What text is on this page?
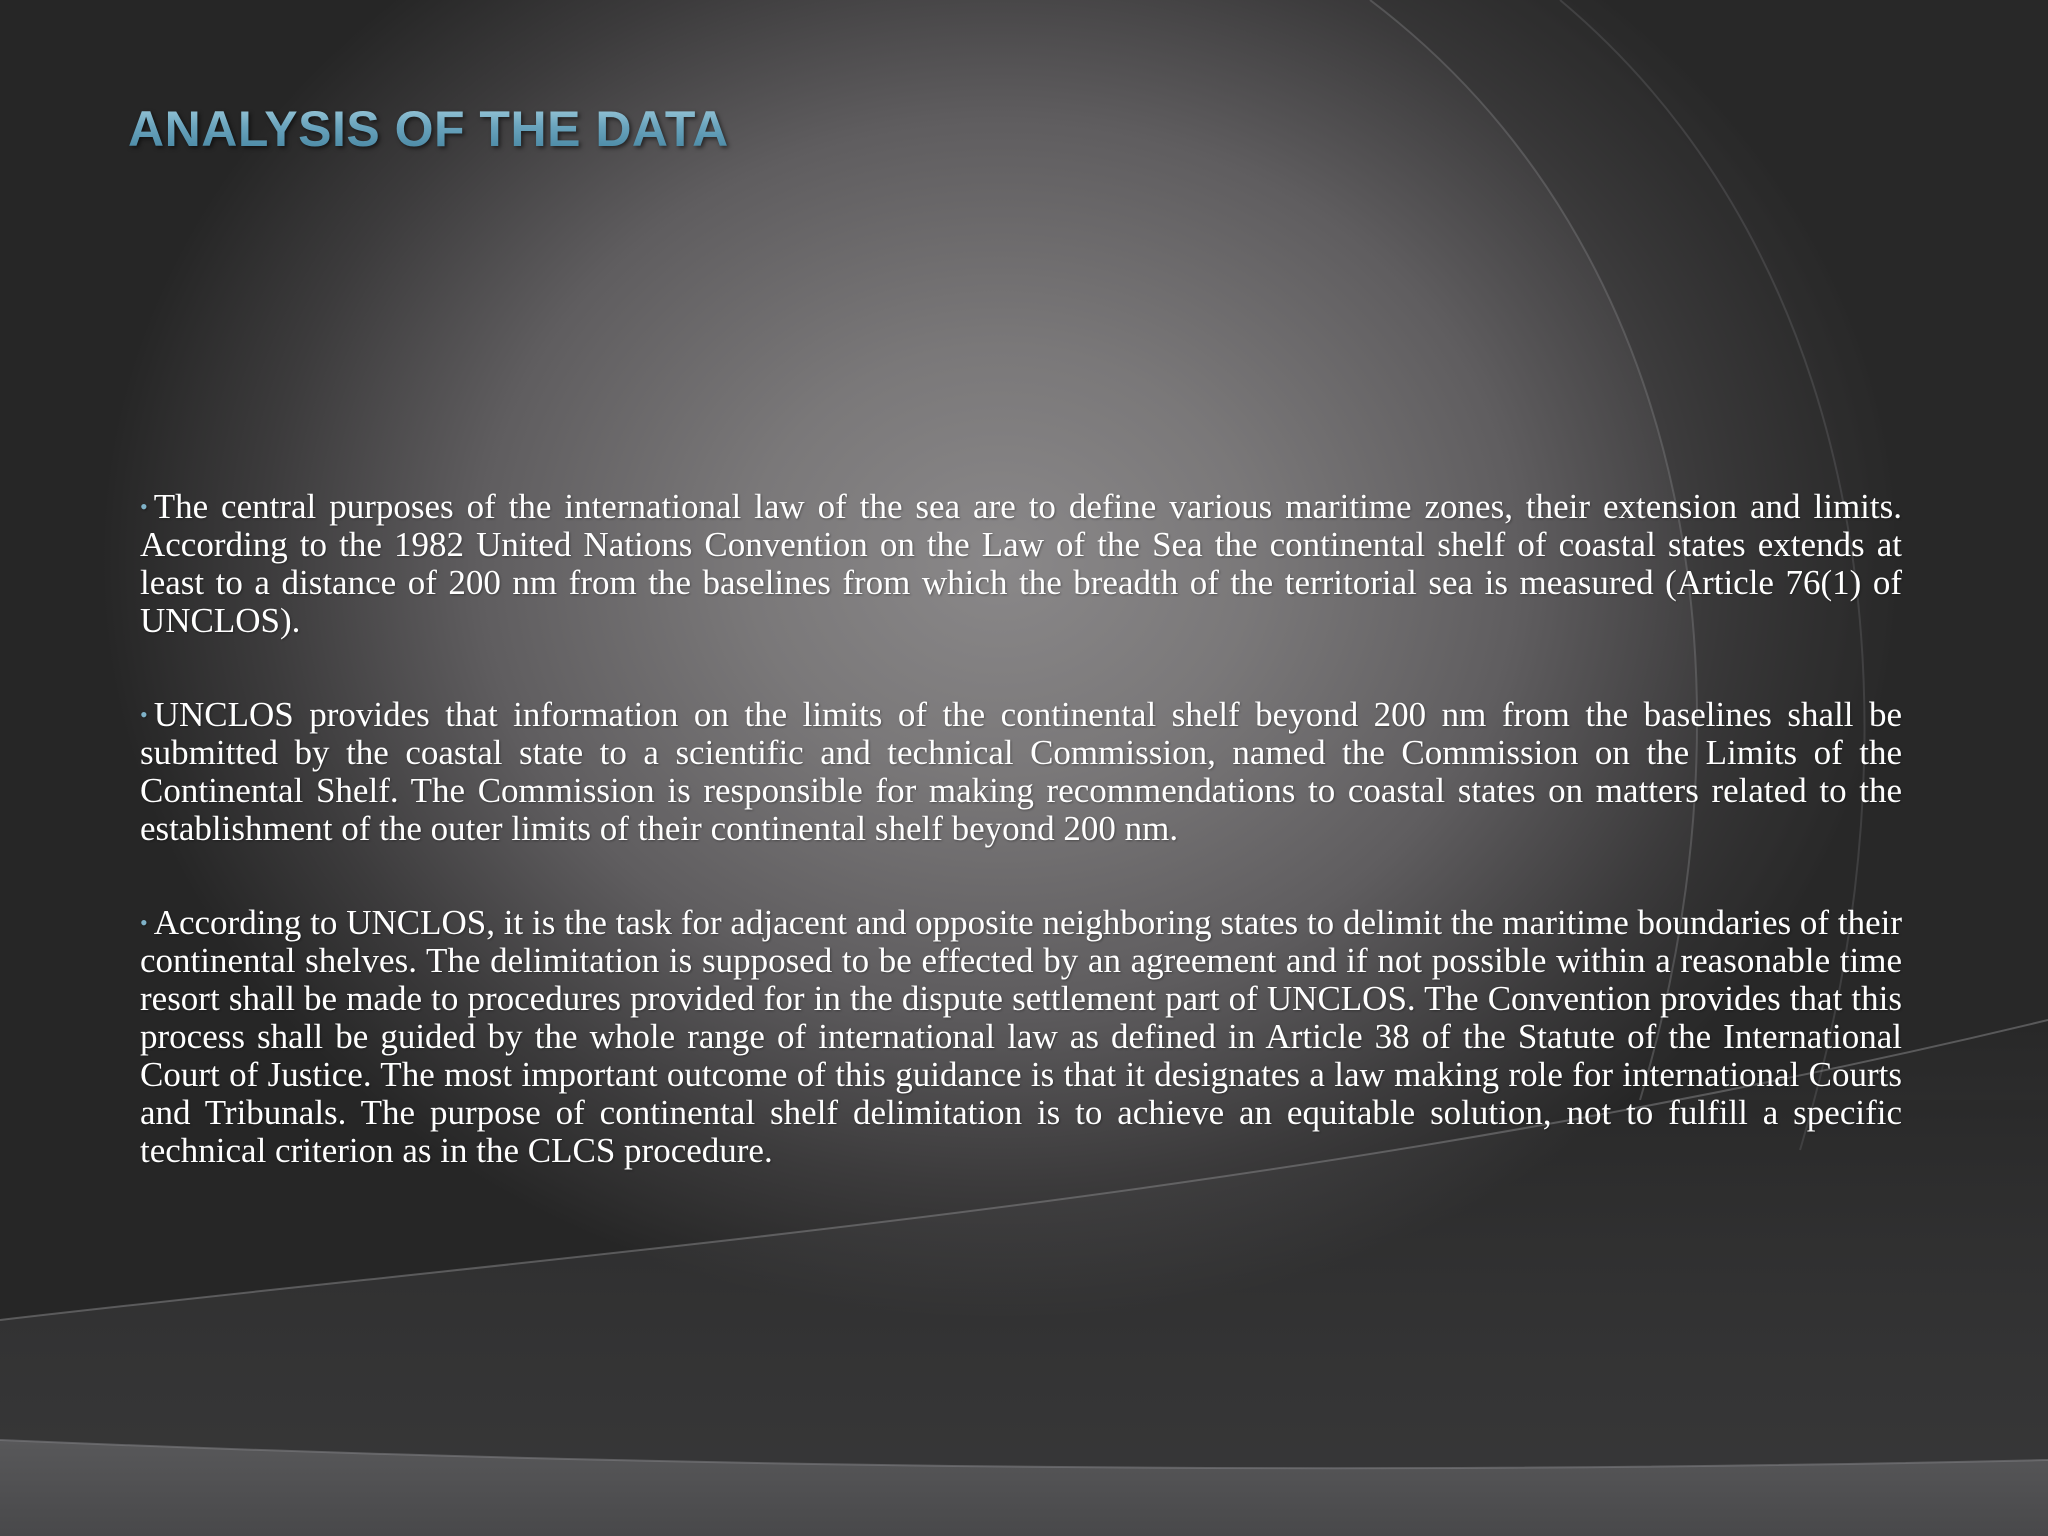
ANALYSIS OF THE DATA

• The central purposes of the international law of the sea are to define various maritime zones, their extension and limits. According to the 1982 United Nations Convention on the Law of the Sea the continental shelf of coastal states extends at least to a distance of 200 nm from the baselines from which the breadth of the territorial sea is measured (Article 76(1) of UNCLOS).

• UNCLOS provides that information on the limits of the continental shelf beyond 200 nm from the baselines shall be submitted by the coastal state to a scientific and technical Commission, named the Commission on the Limits of the Continental Shelf. The Commission is responsible for making recommendations to coastal states on matters related to the establishment of the outer limits of their continental shelf beyond 200 nm.

• According to UNCLOS, it is the task for adjacent and opposite neighboring states to delimit the maritime boundaries of their continental shelves. The delimitation is supposed to be effected by an agreement and if not possible within a reasonable time resort shall be made to procedures provided for in the dispute settlement part of UNCLOS. The Convention provides that this process shall be guided by the whole range of international law as defined in Article 38 of the Statute of the International Court of Justice. The most important outcome of this guidance is that it designates a law making role for international Courts and Tribunals. The purpose of continental shelf delimitation is to achieve an equitable solution, not to fulfill a specific technical criterion as in the CLCS procedure.
